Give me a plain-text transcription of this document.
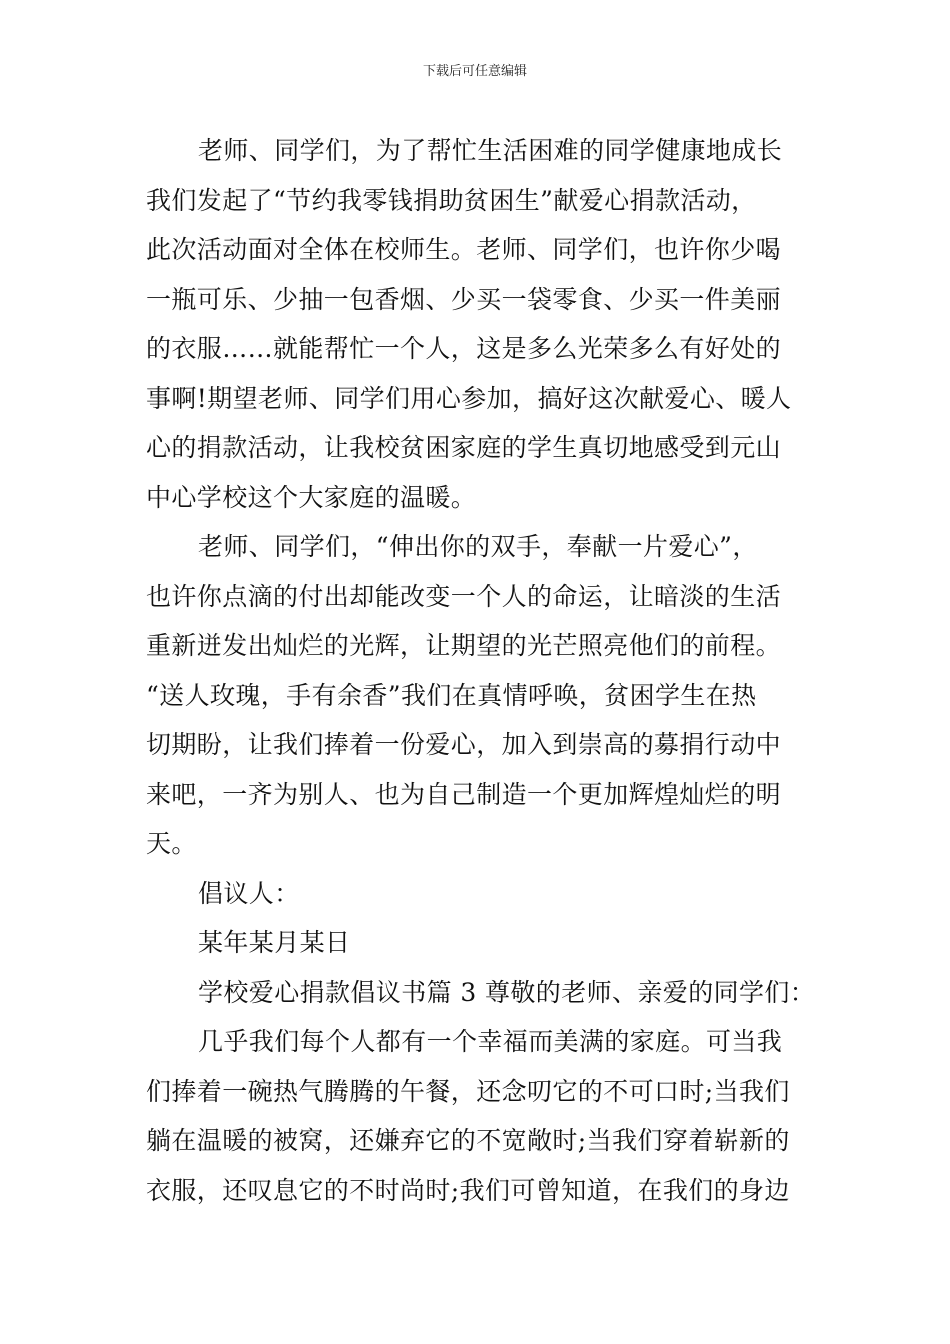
下载后可任意编辑
老师、同学们，为了帮忙生活困难的同学健康地成长
我们发起了“节约我零钱捐助贫困生”献爱心捐款活动，
此次活动面对全体在校师生。老师、同学们，也许你少喝
一瓶可乐、少抽一包香烟、少买一袋零食、少买一件美丽
的衣服……就能帮忙一个人，这是多么光荣多么有好处的
事啊!期望老师、同学们用心参加，搞好这次献爱心、暖人
心的捐款活动，让我校贫困家庭的学生真切地感受到元山
中心学校这个大家庭的温暖。
老师、同学们，“伸出你的双手，奉献一片爱心”，
也许你点滴的付出却能改变一个人的命运，让暗淡的生活
重新迸发出灿烂的光辉，让期望的光芒照亮他们的前程。
“送人玫瑰，手有余香”我们在真情呼唤，贫困学生在热
切期盼，让我们捧着一份爱心，加入到崇高的募捐行动中
来吧，一齐为别人、也为自己制造一个更加辉煌灿烂的明
天。
倡议人：
某年某月某日
学校爱心捐款倡议书篇 3 尊敬的老师、亲爱的同学们：
几乎我们每个人都有一个幸福而美满的家庭。可当我
们捧着一碗热气腾腾的午餐，还念叨它的不可口时;当我们
躺在温暖的被窝，还嫌弃它的不宽敞时;当我们穿着崭新的
衣服，还叹息它的不时尚时;我们可曾知道，在我们的身边
